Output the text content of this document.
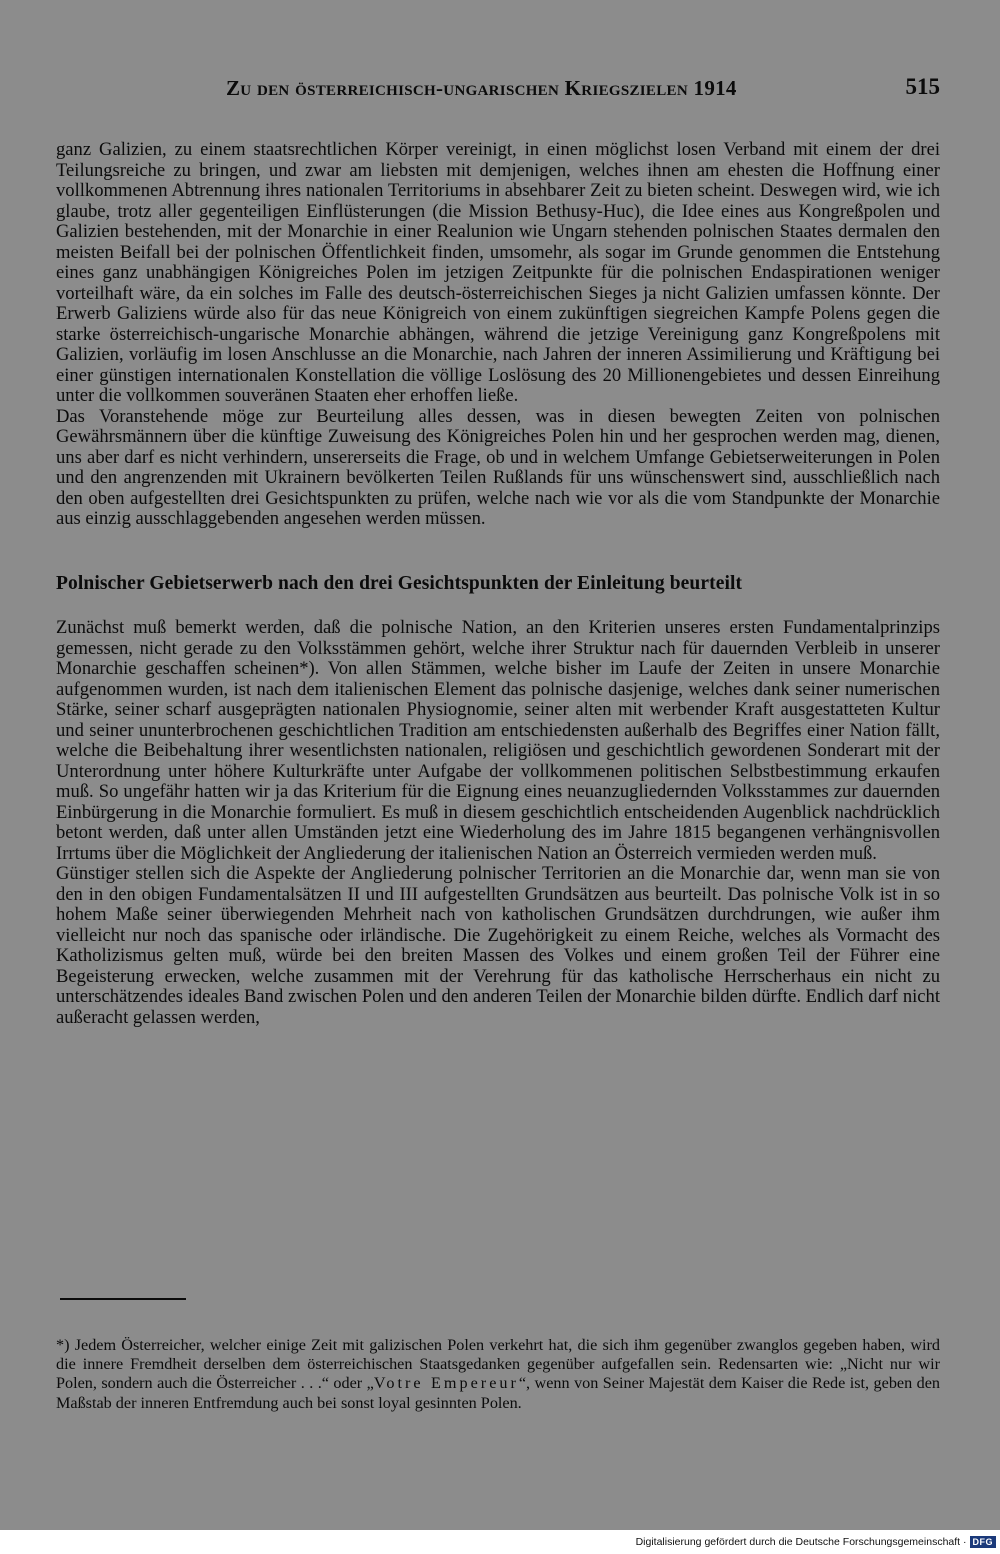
Zu den österreichisch-ungarischen Kriegszielen 1914	515

ganz Galizien, zu einem staatsrechtlichen Körper vereinigt, in einen möglichst losen Verband mit einem der drei Teilungsreiche zu bringen, und zwar am liebsten mit demjenigen, welches ihnen am ehesten die Hoffnung einer vollkommenen Abtrennung ihres nationalen Territoriums in absehbarer Zeit zu bieten scheint. Deswegen wird, wie ich glaube, trotz aller gegenteiligen Einflüsterungen (die Mission Bethusy-Huc), die Idee eines aus Kongreßpolen und Galizien bestehenden, mit der Monarchie in einer Realunion wie Ungarn stehenden polnischen Staates dermalen den meisten Beifall bei der polnischen Öffentlichkeit finden, umsomehr, als sogar im Grunde genommen die Entstehung eines ganz unabhängigen Königreiches Polen im jetzigen Zeitpunkte für die polnischen Endaspirationen weniger vorteilhaft wäre, da ein solches im Falle des deutsch-österreichischen Sieges ja nicht Galizien umfassen könnte. Der Erwerb Galiziens würde also für das neue Königreich von einem zukünftigen siegreichen Kampfe Polens gegen die starke österreichisch-ungarische Monarchie abhängen, während die jetzige Vereinigung ganz Kongreßpolens mit Galizien, vorläufig im losen Anschlusse an die Monarchie, nach Jahren der inneren Assimilierung und Kräftigung bei einer günstigen internationalen Konstellation die völlige Loslösung des 20 Millionengebietes und dessen Einreihung unter die vollkommen souveränen Staaten eher erhoffen ließe.

Das Voranstehende möge zur Beurteilung alles dessen, was in diesen bewegten Zeiten von polnischen Gewährsmännern über die künftige Zuweisung des Königreiches Polen hin und her gesprochen werden mag, dienen, uns aber darf es nicht verhindern, unsererseits die Frage, ob und in welchem Umfange Gebietserweiterungen in Polen und den angrenzenden mit Ukrainern bevölkerten Teilen Rußlands für uns wünschenswert sind, ausschließlich nach den oben aufgestellten drei Gesichtspunkten zu prüfen, welche nach wie vor als die vom Standpunkte der Monarchie aus einzig ausschlaggebenden angesehen werden müssen.

Polnischer Gebietserwerb nach den drei Gesichtspunkten der Einleitung beurteilt

Zunächst muß bemerkt werden, daß die polnische Nation, an den Kriterien unseres ersten Fundamentalprinzips gemessen, nicht gerade zu den Volksstämmen gehört, welche ihrer Struktur nach für dauernden Verbleib in unserer Monarchie geschaffen scheinen*). Von allen Stämmen, welche bisher im Laufe der Zeiten in unsere Monarchie aufgenommen wurden, ist nach dem italienischen Element das polnische dasjenige, welches dank seiner numerischen Stärke, seiner scharf ausgeprägten nationalen Physiognomie, seiner alten mit werbender Kraft ausgestatteten Kultur und seiner ununterbrochenen geschichtlichen Tradition am entschiedensten außerhalb des Begriffes einer Nation fällt, welche die Beibehaltung ihrer wesentlichsten nationalen, religiösen und geschichtlich gewordenen Sonderart mit der Unterordnung unter höhere Kulturkräfte unter Aufgabe der vollkommenen politischen Selbstbestimmung erkaufen muß. So ungefähr hatten wir ja das Kriterium für die Eignung eines neuanzugliedernden Volksstammes zur dauernden Einbürgerung in die Monarchie formuliert. Es muß in diesem geschichtlich entscheidenden Augenblick nachdrücklich betont werden, daß unter allen Umständen jetzt eine Wiederholung des im Jahre 1815 begangenen verhängnisvollen Irrtums über die Möglichkeit der Angliederung der italienischen Nation an Österreich vermieden werden muß.

Günstiger stellen sich die Aspekte der Angliederung polnischer Territorien an die Monarchie dar, wenn man sie von den in den obigen Fundamentalsätzen II und III aufgestellten Grundsätzen aus beurteilt. Das polnische Volk ist in so hohem Maße seiner überwiegenden Mehrheit nach von katholischen Grundsätzen durchdrungen, wie außer ihm vielleicht nur noch das spanische oder irländische. Die Zugehörigkeit zu einem Reiche, welches als Vormacht des Katholizismus gelten muß, würde bei den breiten Massen des Volkes und einem großen Teil der Führer eine Begeisterung erwecken, welche zusammen mit der Verehrung für das katholische Herrscherhaus ein nicht zu unterschätzendes ideales Band zwischen Polen und den anderen Teilen der Monarchie bilden dürfte. Endlich darf nicht außeracht gelassen werden,

*) Jedem Österreicher, welcher einige Zeit mit galizischen Polen verkehrt hat, die sich ihm gegenüber zwanglos gegeben haben, wird die innere Fremdheit derselben dem österreichischen Staatsgedanken gegenüber aufgefallen sein. Redensarten wie: „Nicht nur wir Polen, sondern auch die Österreicher . . .“ oder „Votre Empereur“, wenn von Seiner Majestät dem Kaiser die Rede ist, geben den Maßstab der inneren Entfremdung auch bei sonst loyal gesinnten Polen.
Digitalisierung gefördert durch die Deutsche Forschungsgemeinschaft · DFG
